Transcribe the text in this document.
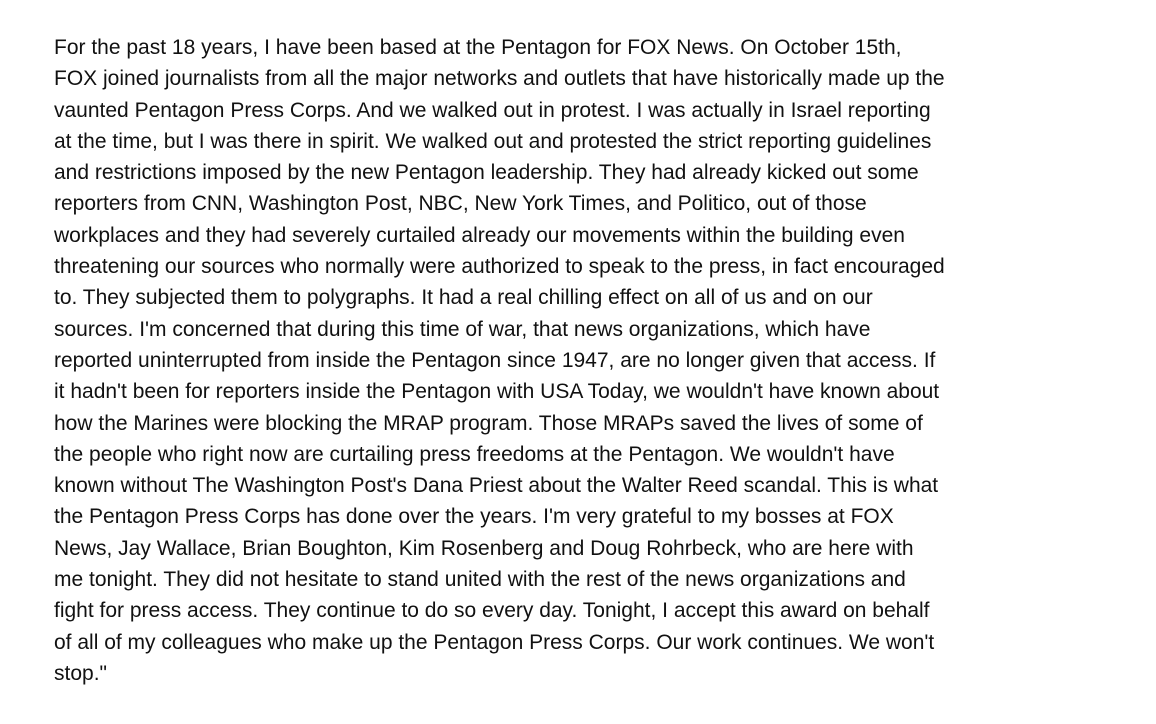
For the past 18 years, I have been based at the Pentagon for FOX News. On October 15th,
FOX joined journalists from all the major networks and outlets that have historically made up the
vaunted Pentagon Press Corps. And we walked out in protest. I was actually in Israel reporting
at the time, but I was there in spirit. We walked out and protested the strict reporting guidelines
and restrictions imposed by the new Pentagon leadership. They had already kicked out some
reporters from CNN, Washington Post, NBC, New York Times, and Politico, out of those
workplaces and they had severely curtailed already our movements within the building even
threatening our sources who normally were authorized to speak to the press, in fact encouraged
to. They subjected them to polygraphs. It had a real chilling effect on all of us and on our
sources. I'm concerned that during this time of war, that news organizations, which have
reported uninterrupted from inside the Pentagon since 1947, are no longer given that access. If
it hadn't been for reporters inside the Pentagon with USA Today, we wouldn't have known about
how the Marines were blocking the MRAP program. Those MRAPs saved the lives of some of
the people who right now are curtailing press freedoms at the Pentagon. We wouldn't have
known without The Washington Post's Dana Priest about the Walter Reed scandal. This is what
the Pentagon Press Corps has done over the years. I'm very grateful to my bosses at FOX
News, Jay Wallace, Brian Boughton, Kim Rosenberg and Doug Rohrbeck, who are here with
me tonight. They did not hesitate to stand united with the rest of the news organizations and
fight for press access. They continue to do so every day. Tonight, I accept this award on behalf
of all of my colleagues who make up the Pentagon Press Corps. Our work continues. We won't
stop."
